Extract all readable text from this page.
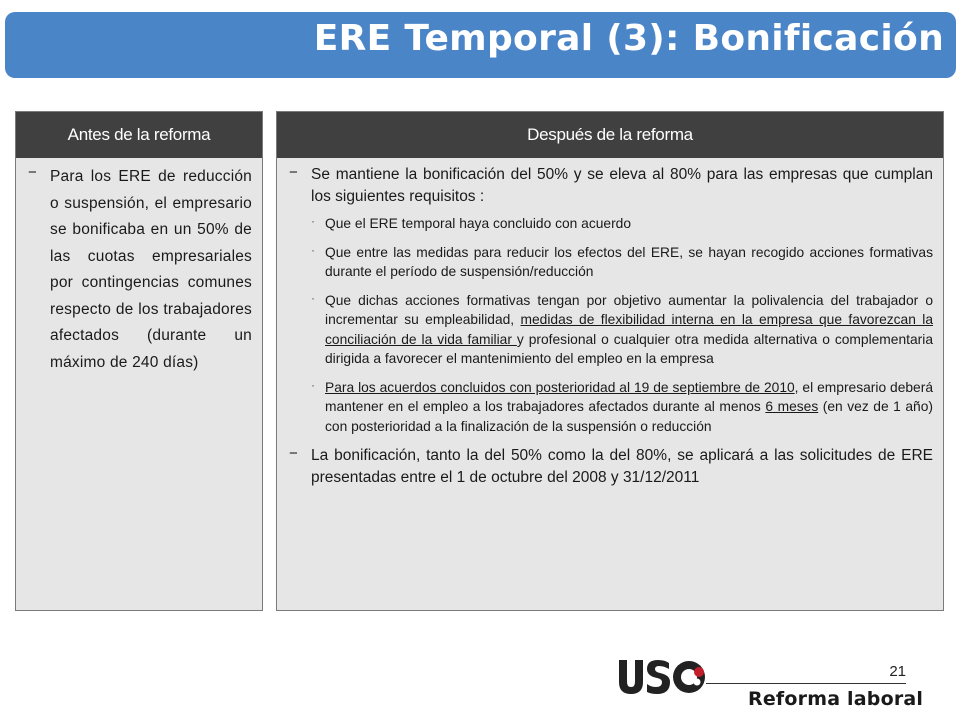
ERE Temporal (3): Bonificación
Antes de la reforma
− Para los ERE de reducción o suspensión, el empresario se bonificaba en un 50% de las cuotas empresariales por contingencias comunes respecto de los trabajadores afectados (durante un máximo de 240 días)
Después de la reforma
− Se mantiene la bonificación del 50% y se eleva al 80% para las empresas que cumplan los siguientes requisitos :
· Que el ERE temporal haya concluido con acuerdo
· Que entre las medidas para reducir los efectos del ERE, se hayan recogido acciones formativas durante el período de suspensión/reducción
· Que dichas acciones formativas tengan por objetivo aumentar la polivalencia del trabajador o incrementar su empleabilidad, medidas de flexibilidad interna en la empresa que favorezcan la conciliación de la vida familiar y profesional o cualquier otra medida alternativa o complementaria dirigida a favorecer el mantenimiento del empleo en la empresa
· Para los acuerdos concluidos con posterioridad al 19 de septiembre de 2010, el empresario deberá mantener en el empleo a los trabajadores afectados durante al menos 6 meses (en vez de 1 año) con posterioridad a la finalización de la suspensión o reducción
− La bonificación, tanto la del 50% como la del 80%, se aplicará a las solicitudes de ERE presentadas entre el 1 de octubre del 2008 y 31/12/2011
21
Reforma laboral
